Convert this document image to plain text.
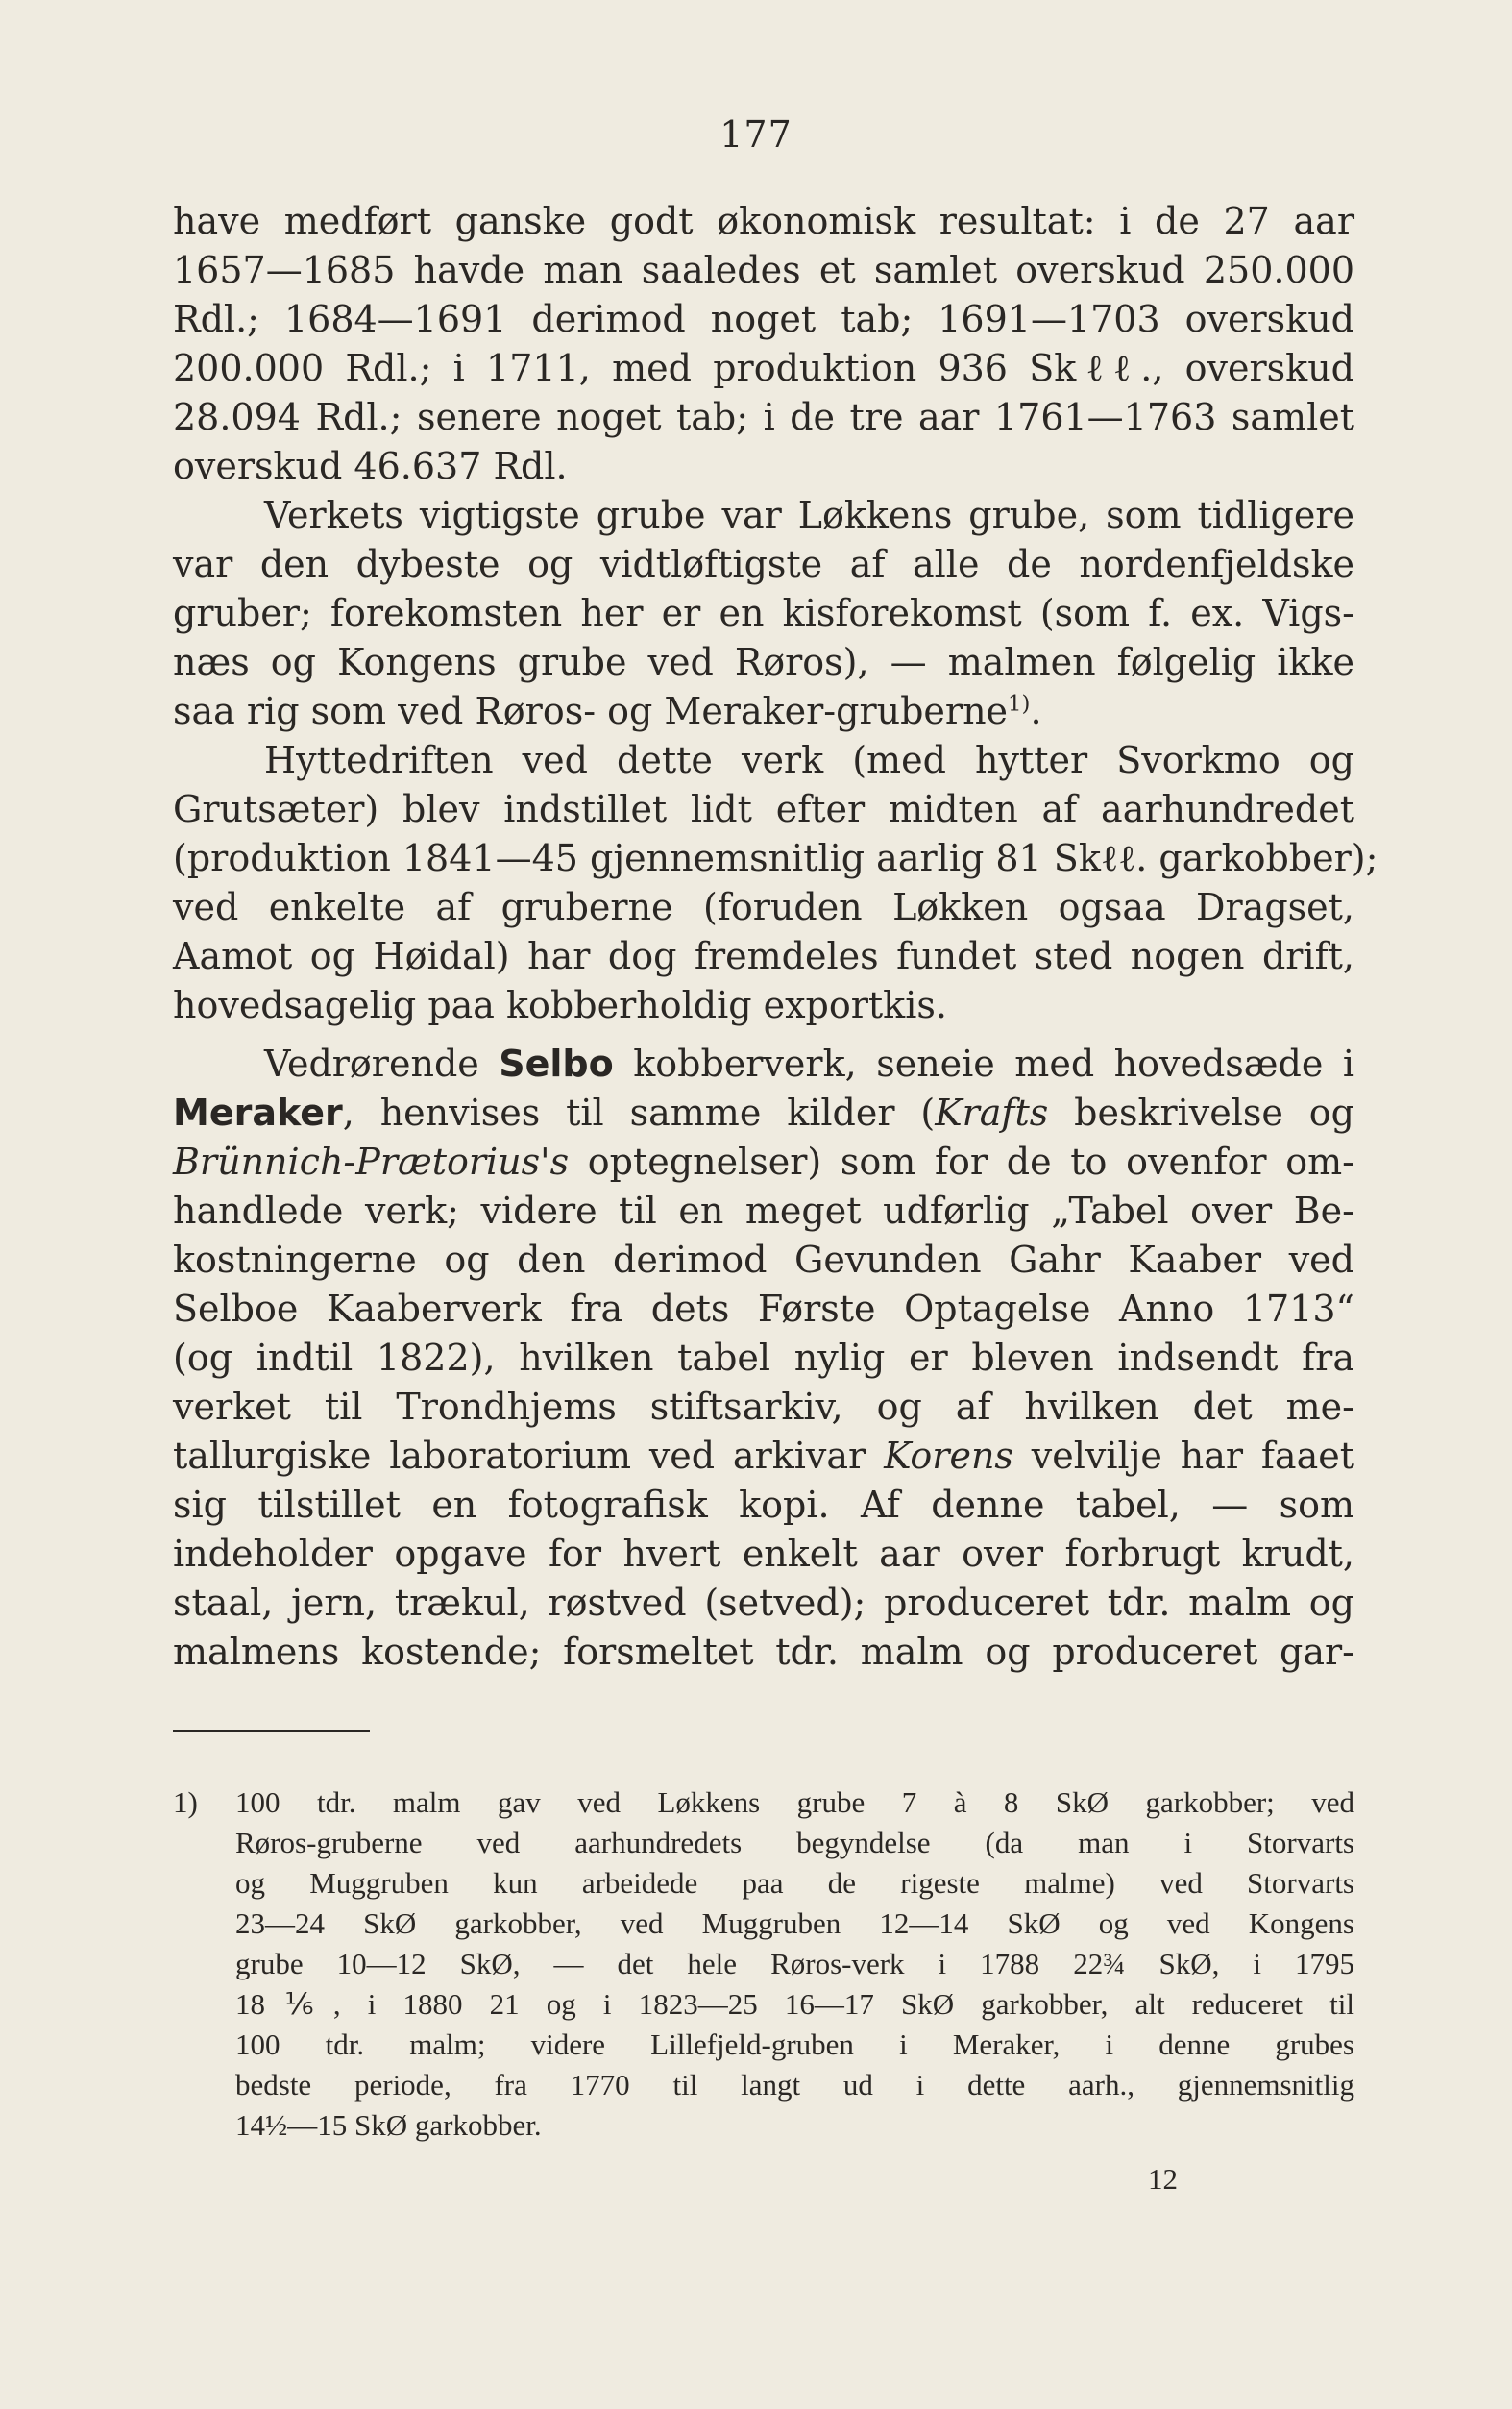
177
have medført ganske godt økonomisk resultat: i de 27 aar
1657—1685 havde man saaledes et samlet overskud 250.000
Rdl.; 1684—1691 derimod noget tab; 1691—1703 overskud
200.000 Rdl.; i 1711, med produktion 936 Skℓℓ., overskud
28.094 Rdl.; senere noget tab; i de tre aar 1761—1763 samlet
overskud 46.637 Rdl.
Verkets vigtigste grube var Løkkens grube, som tidligere
var den dybeste og vidtløftigste af alle de nordenfjeldske
gruber; forekomsten her er en kisforekomst (som f. ex. Vigs-
næs og Kongens grube ved Røros), — malmen følgelig ikke
saa rig som ved Røros- og Meraker-gruberne$^{1)}$.
Hyttedriften ved dette verk (med hytter Svorkmo og
Grutsæter) blev indstillet lidt efter midten af aarhundredet
(produktion 1841—45 gjennemsnitlig aarlig 81 Skℓℓ. garkobber);
ved enkelte af gruberne (foruden Løkken ogsaa Dragset,
Aamot og Høidal) har dog fremdeles fundet sted nogen drift,
hovedsagelig paa kobberholdig exportkis.
Vedrørende Selbo kobberverk, seneie med hovedsæde i
Meraker, henvises til samme kilder (Krafts beskrivelse og
Brünnich-Prætorius's optegnelser) som for de to ovenfor om-
handlede verk; videre til en meget udførlig „Tabel over Be-
kostningerne og den derimod Gevunden Gahr Kaaber ved
Selboe Kaaberverk fra dets Første Optagelse Anno 1713“
(og indtil 1822), hvilken tabel nylig er bleven indsendt fra
verket til Trondhjems stiftsarkiv, og af hvilken det me-
tallurgiske laboratorium ved arkivar Korens velvilje har faaet
sig tilstillet en fotografisk kopi. Af denne tabel, — som
indeholder opgave for hvert enkelt aar over forbrugt krudt,
staal, jern, trækul, røstved (setved); produceret tdr. malm og
malmens kostende; forsmeltet tdr. malm og produceret gar-
1) 100 tdr. malm gav ved Løkkens grube 7 à 8 SkØ garkobber; ved
Røros-gruberne ved aarhundredets begyndelse (da man i Storvarts
og Muggruben kun arbeidede paa de rigeste malme) ved Storvarts
23—24 SkØ garkobber, ved Muggruben 12—14 SkØ og ved Kongens
grube 10—12 SkØ, — det hele Røros-verk i 1788 22¾ SkØ, i 1795
18⅙, i 1880 21 og i 1823—25 16—17 SkØ garkobber, alt reduceret til
100 tdr. malm; videre Lillefjeld-gruben i Meraker, i denne grubes
bedste periode, fra 1770 til langt ud i dette aarh., gjennemsnitlig
14½—15 SkØ garkobber.
12
